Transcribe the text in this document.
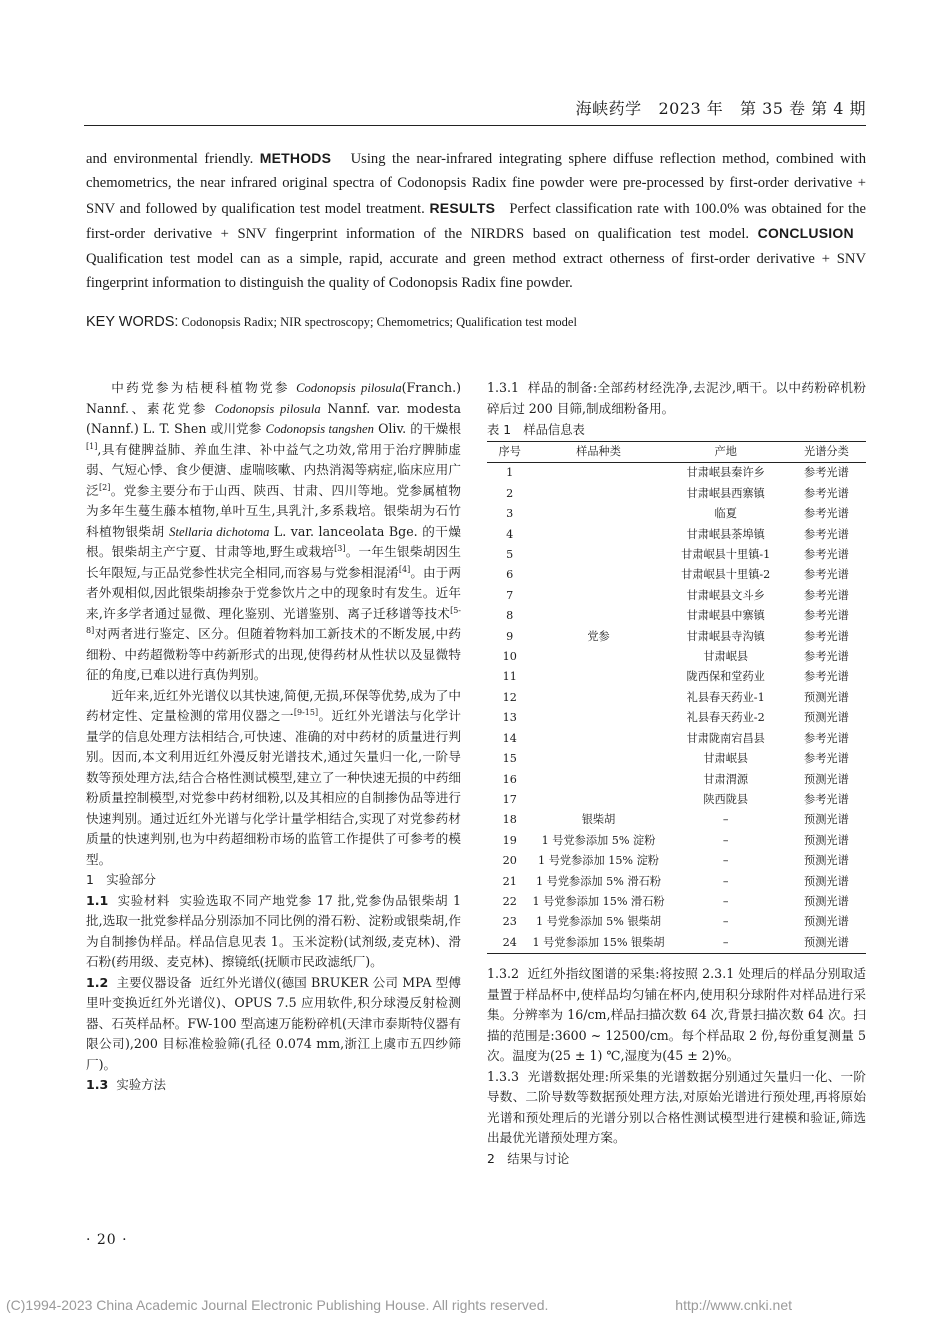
海峡药学 2023 年 第 35 卷 第 4 期
and environmental friendly. METHODS Using the near-infrared integrating sphere diffuse reflection method, combined with chemometrics, the near infrared original spectra of Codonopsis Radix fine powder were pre-processed by first-order derivative + SNV and followed by qualification test model treatment. RESULTS Perfect classification rate with 100.0% was obtained for the first-order derivative + SNV fingerprint information of the NIRDRS based on qualification test model. CONCLUSION   Qualification test model can as a simple, rapid, accurate and green method extract otherness of first-order derivative + SNV fingerprint information to distinguish the quality of Codonopsis Radix fine powder.
KEY WORDS: Codonopsis Radix; NIR spectroscopy; Chemometrics; Qualification test model

中药党参为桔梗科植物党参 Codonopsis pilosula(Franch.) Nannf.、素花党参 Codonopsis pilosula Nannf. var. modesta (Nannf.) L. T. Shen 或川党参 Codonopsis tangshen Oliv. 的干燥根[1],具有健脾益肺、养血生津、补中益气之功效,常用于治疗脾肺虚弱、气短心悸、食少便溏、虚喘咳嗽、内热消渴等病症,临床应用广泛[2]。党参主要分布于山西、陕西、甘肃、四川等地。党参属植物为多年生蔓生藤本植物,单叶互生,具乳汁,多系栽培。银柴胡为石竹科植物银柴胡 Stellaria dichotoma L. var. lanceolata Bge. 的干燥根。银柴胡主产宁夏、甘肃等地,野生或栽培[3]。一年生银柴胡因生长年限短,与正品党参性状完全相同,而容易与党参相混淆[4]。由于两者外观相似,因此银柴胡掺杂于党参饮片之中的现象时有发生。近年来,许多学者通过显微、理化鉴别、光谱鉴别、离子迁移谱等技术[5-8]对两者进行鉴定、区分。但随着物料加工新技术的不断发展,中药细粉、中药超微粉等中药新形式的出现,使得药材从性状以及显微特征的角度,已难以进行真伪判别。

近年来,近红外光谱仪以其快速,简便,无损,环保等优势,成为了中药材定性、定量检测的常用仪器之一[9-15]。近红外光谱法与化学计量学的信息处理方法相结合,可快速、准确的对中药材的质量进行判别。因而,本文利用近红外漫反射光谱技术,通过矢量归一化,一阶导数等预处理方法,结合合格性测试模型,建立了一种快速无损的中药细粉质量控制模型,对党参中药材细粉,以及其相应的自制掺伪品等进行快速判别。通过近红外光谱与化学计量学相结合,实现了对党参药材质量的快速判别,也为中药超细粉市场的监管工作提供了可参考的模型。

1　实验部分

1.1 实验材料 实验选取不同产地党参 17 批,党参伪品银柴胡 1 批,选取一批党参样品分别添加不同比例的滑石粉、淀粉或银柴胡,作为自制掺伪样品。样品信息见表 1。玉米淀粉(试剂级,麦克林)、滑石粉(药用级、麦克林)、擦镜纸(抚顺市民政滤纸厂)。

1.2 主要仪器设备 近红外光谱仪(德国 BRUKER 公司 MPA 型傅里叶变换近红外光谱仪)、OPUS 7.5 应用软件,积分球漫反射检测器、石英样品杯。FW-100 型高速万能粉碎机(天津市泰斯特仪器有限公司),200 目标准检验筛(孔径 0.074 mm,浙江上虞市五四纱筛厂)。

1.3 实验方法

1.3.1 样品的制备:全部药材经洗净,去泥沙,晒干。以中药粉碎机粉碎后过 200 目筛,制成细粉备用。

表 1　样品信息表
序号	样品种类	产地	光谱分类
1	党参	甘肃岷县秦许乡	参考光谱
2		甘肃岷县西寨镇	参考光谱
3		临夏	参考光谱
4		甘肃岷县茶埠镇	参考光谱
5		甘肃岷县十里镇-1	参考光谱
6		甘肃岷县十里镇-2	参考光谱
7		甘肃岷县文斗乡	参考光谱
8		甘肃岷县中寨镇	参考光谱
9		甘肃岷县寺沟镇	参考光谱
10		甘肃岷县	参考光谱
11		陇西保和堂药业	参考光谱
12		礼县春天药业-1	预测光谱
13		礼县春天药业-2	预测光谱
14		甘肃陇南宕昌县	参考光谱
15		甘肃岷县	参考光谱
16		甘肃渭源	预测光谱
17		陕西陇县	参考光谱
18	银柴胡	–	预测光谱
19	1 号党参添加 5% 淀粉	–	预测光谱
20	1 号党参添加 15% 淀粉	–	预测光谱
21	1 号党参添加 5% 滑石粉	–	预测光谱
22	1 号党参添加 15% 滑石粉	–	预测光谱
23	1 号党参添加 5% 银柴胡	–	预测光谱
24	1 号党参添加 15% 银柴胡	–	预测光谱

1.3.2 近红外指纹图谱的采集:将按照 2.3.1 处理后的样品分别取适量置于样品杯中,使样品均匀铺在杯内,使用积分球附件对样品进行采集。分辨率为 16/cm,样品扫描次数 64 次,背景扫描次数 64 次。扫描的范围是:3600 ~ 12500/cm。每个样品取 2 份,每份重复测量 5 次。温度为(25 ± 1) ℃,湿度为(45 ± 2)%。

1.3.3 光谱数据处理:所采集的光谱数据分别通过矢量归一化、一阶导数、二阶导数等数据预处理方法,对原始光谱进行预处理,再将原始光谱和预处理后的光谱分别以合格性测试模型进行建模和验证,筛选出最优光谱预处理方案。

2　结果与讨论

· 20 ·
(C)1994-2023 China Academic Journal Electronic Publishing House. All rights reserved.	http://www.cnki.net
